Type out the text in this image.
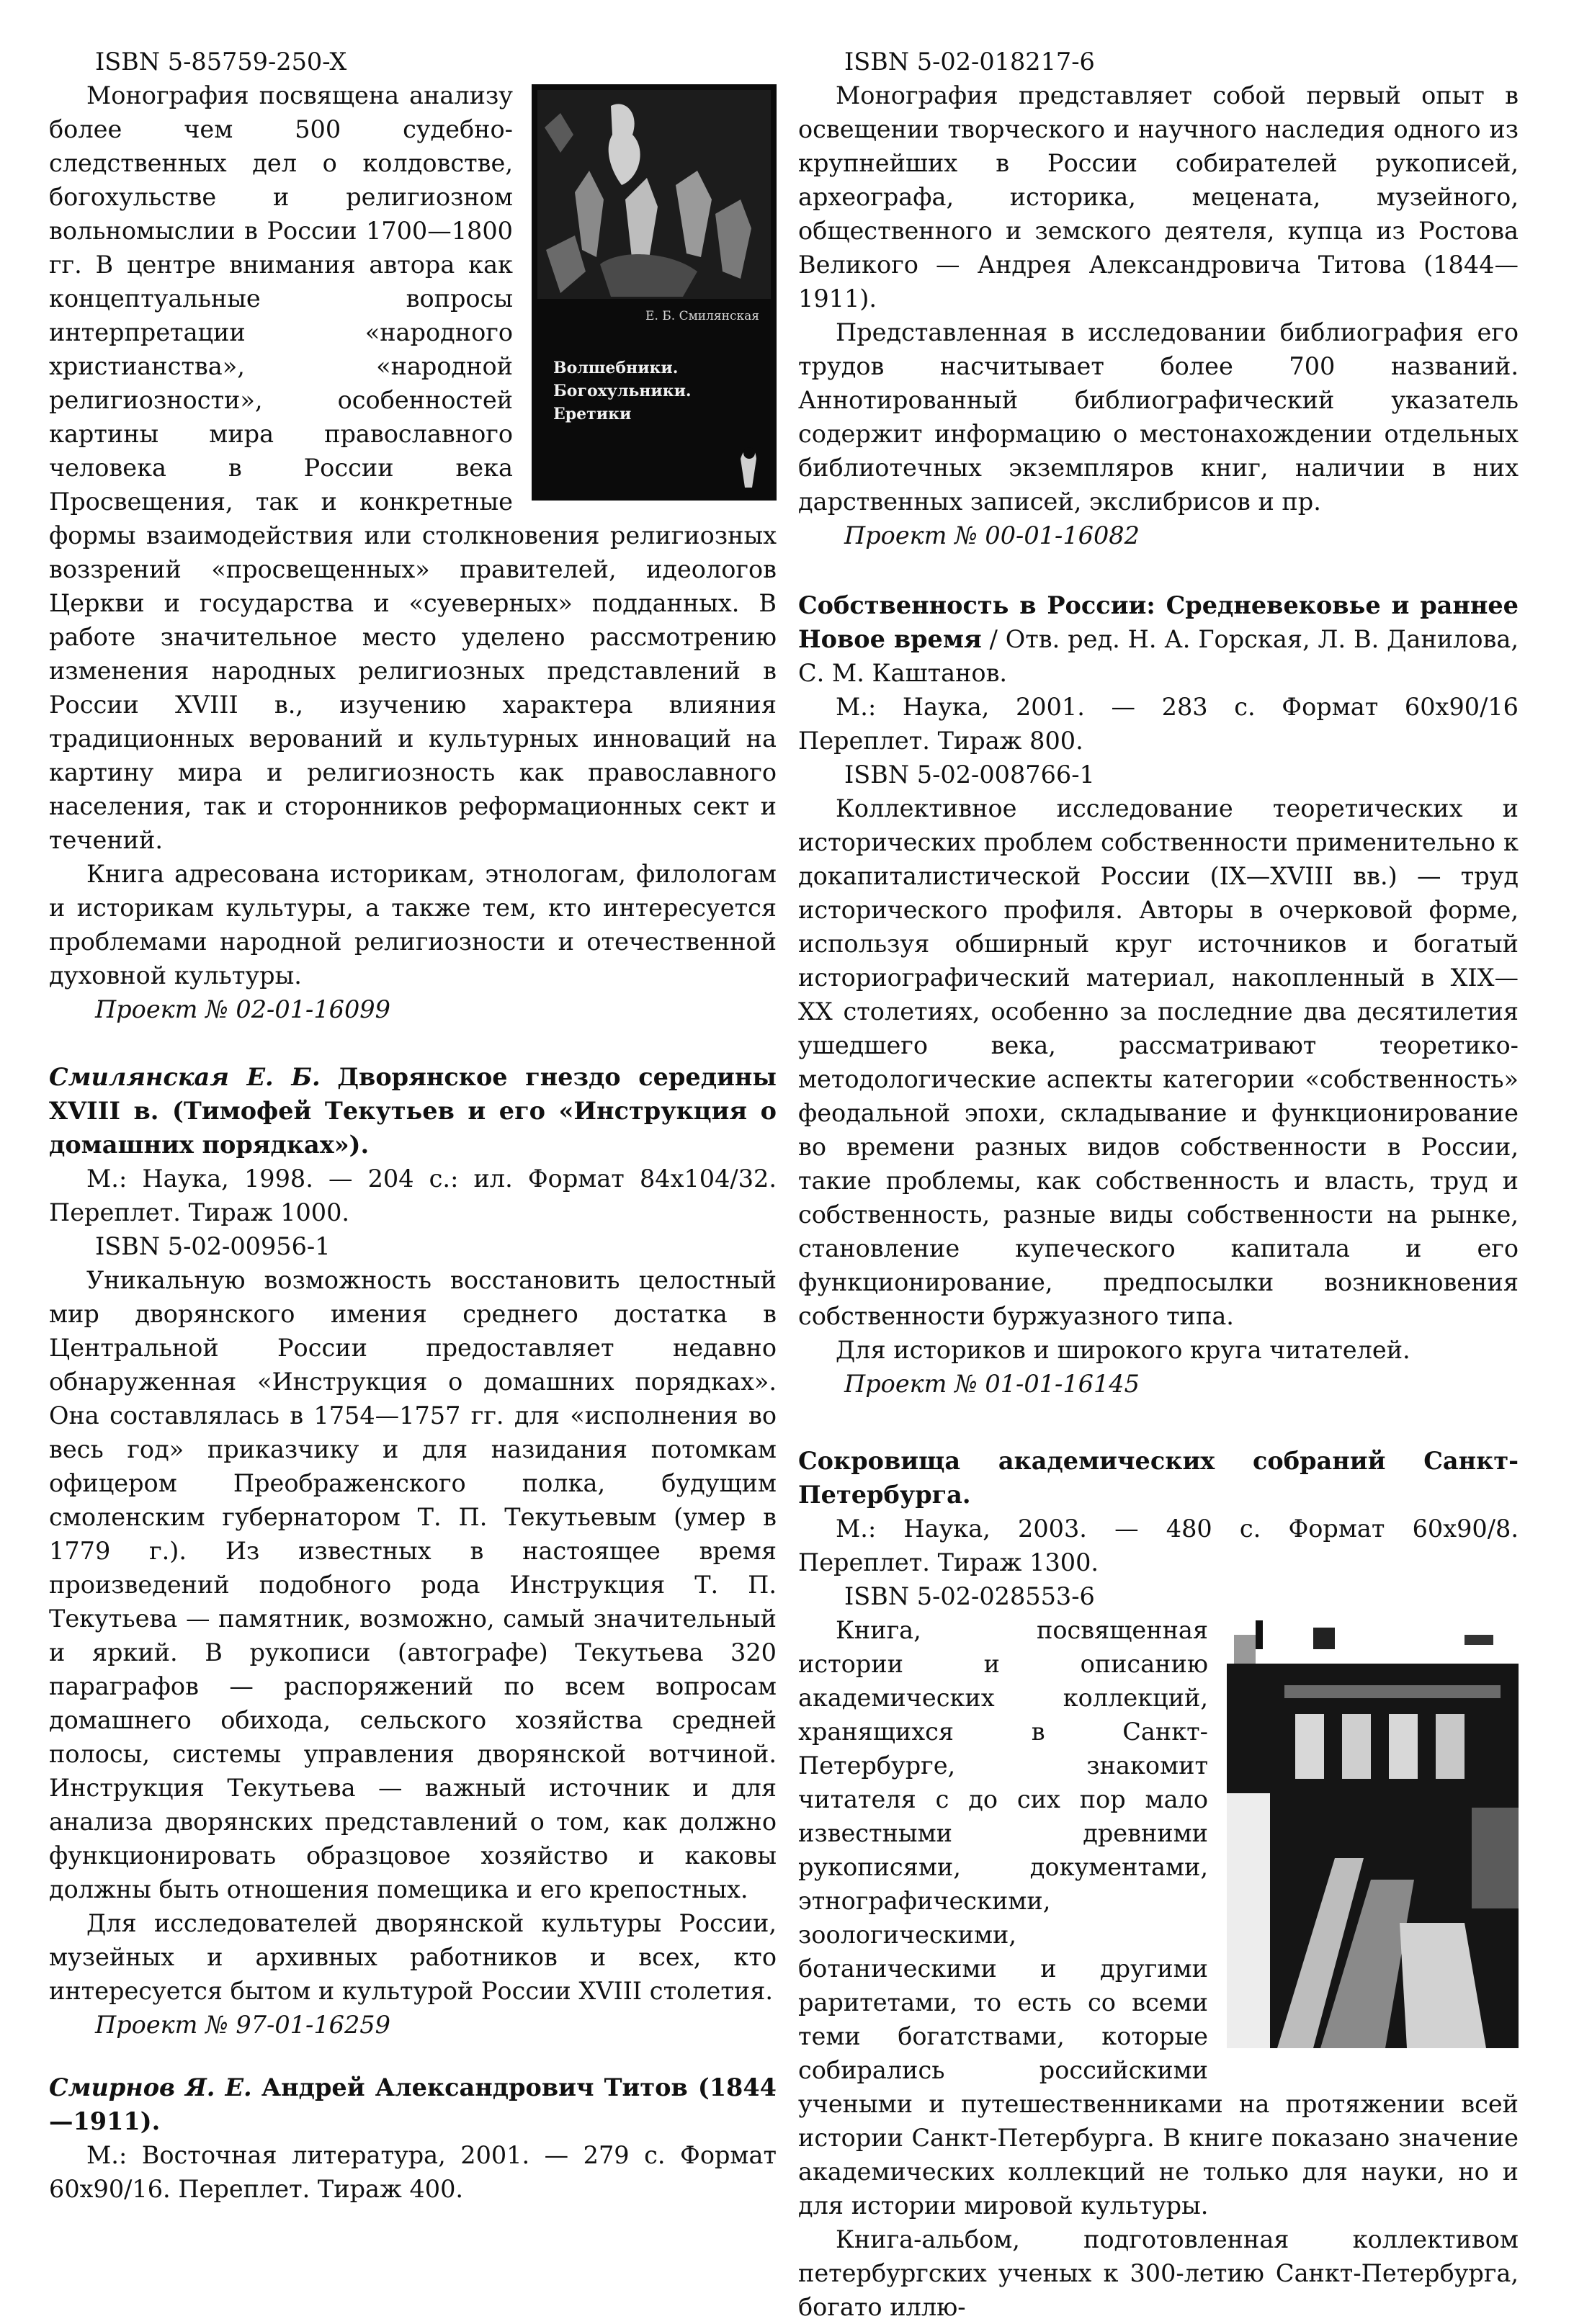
ISBN 5-85759-250-X

Е. Б. Смилянская
Волшебники.
Богохульники. Еретики

Монография посвящена анализу более чем 500 судебно-следственных дел о колдовстве, богохульстве и религиозном вольномыслии в России 1700—1800 гг. В центре внимания автора как концептуальные вопросы интерпретации «народного христианства», «народной религиозности», особенностей картины мира православного человека в России века Просвещения, так и конкретные формы взаимодействия или столкновения религиозных воззрений «просвещенных» правителей, идеологов Церкви и государства и «суеверных» подданных. В работе значительное место уделено рассмотрению изменения народных религиозных представлений в России XVIII в., изучению характера влияния традиционных верований и культурных инноваций на картину мира и религиозность как православного населения, так и сторонников реформационных сект и течений.

Книга адресована историкам, этнологам, филологам и историкам культуры, а также тем, кто интересуется проблемами народной религиозности и отечественной духовной культуры.

Проект № 02-01-16099

Смилянская Е. Б. Дворянское гнездо середины XVIII в. (Тимофей Текутьев и его «Инструкция о домашних порядках»).

М.: Наука, 1998. — 204 с.: ил. Формат 84x104/32. Переплет. Тираж 1000.

ISBN 5-02-00956-1

Уникальную возможность восстановить целостный мир дворянского имения среднего достатка в Центральной России предоставляет недавно обнаруженная «Инструкция о домашних порядках». Она составлялась в 1754—1757 гг. для «исполнения во весь год» приказчику и для назидания потомкам офицером Преображенского полка, будущим смоленским губернатором Т. П. Текутьевым (умер в 1779 г.). Из известных в настоящее время произведений подобного рода Инструкция Т. П. Текутьева — памятник, возможно, самый значительный и яркий. В рукописи (автографе) Текутьева 320 параграфов — распоряжений по всем вопросам домашнего обихода, сельского хозяйства средней полосы, системы управления дворянской вотчиной. Инструкция Текутьева — важный источник и для анализа дворянских представлений о том, как должно функционировать образцовое хозяйство и каковы должны быть отношения помещика и его крепостных.

Для исследователей дворянской культуры России, музейных и архивных работников и всех, кто интересуется бытом и культурой России XVIII столетия.

Проект № 97-01-16259

Смирнов Я. Е. Андрей Александрович Титов (1844—1911).

М.: Восточная литература, 2001. — 279 с. Формат 60x90/16. Переплет. Тираж 400.

ISBN 5-02-018217-6

Монография представляет собой первый опыт в освещении творческого и научного наследия одного из крупнейших в России собирателей рукописей, археографа, историка, мецената, музейного, общественного и земского деятеля, купца из Ростова Великого — Андрея Александровича Титова (1844—1911).

Представленная в исследовании библиография его трудов насчитывает более 700 названий. Аннотированный библиографический указатель содержит информацию о местонахождении отдельных библиотечных экземпляров книг, наличии в них дарственных записей, экслибрисов и пр.

Проект № 00-01-16082

Собственность в России: Средневековье и раннее Новое время / Отв. ред. Н. А. Горская, Л. В. Данилова, С. М. Каштанов.

М.: Наука, 2001. — 283 с. Формат 60x90/16 Переплет. Тираж 800.

ISBN 5-02-008766-1

Коллективное исследование теоретических и исторических проблем собственности применительно к докапиталистической России (IX—XVIII вв.) — труд исторического профиля. Авторы в очерковой форме, используя обширный круг источников и богатый историографический материал, накопленный в XIX—XX столетиях, особенно за последние два десятилетия ушедшего века, рассматривают теоретико-методологические аспекты категории «собственность» феодальной эпохи, складывание и функционирование во времени разных видов собственности в России, такие проблемы, как собственность и власть, труд и собственность, разные виды собственности на рынке, становление купеческого капитала и его функционирование, предпосылки возникновения собственности буржуазного типа.

Для историков и широкого круга читателей.

Проект № 01-01-16145

Сокровища академических собраний Санкт-Петербурга.

М.: Наука, 2003. — 480 с. Формат 60x90/8. Переплет. Тираж 1300.

ISBN 5-02-028553-6

Книга, посвященная истории и описанию академических коллекций, хранящихся в Санкт-Петербурге, знакомит читателя с до сих пор мало известными древними рукописями, документами, этнографическими, зоологическими, ботаническими и другими раритетами, то есть со всеми теми богатствами, которые собирались российскими учеными и путешественниками на протяжении всей истории Санкт-Петербурга. В книге показано значение академических коллекций не только для науки, но и для истории мировой культуры.

Книга-альбом, подготовленная коллективом петербургских ученых к 300-летию Санкт-Петербурга, богато иллю-
